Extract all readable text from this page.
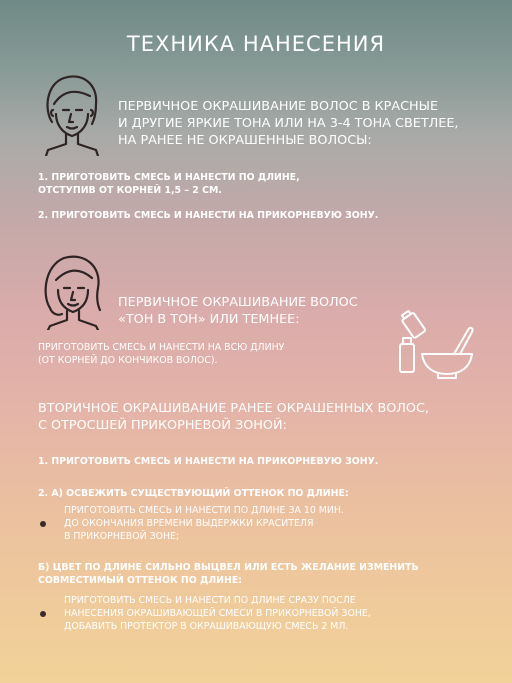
ТЕХНИКА НАНЕСЕНИЯ
ПЕРВИЧНОЕ ОКРАШИВАНИЕ ВОЛОС В КРАСНЫЕ
И ДРУГИЕ ЯРКИЕ ТОНА ИЛИ НА 3-4 ТОНА СВЕТЛЕЕ,
НА РАНЕЕ НЕ ОКРАШЕННЫЕ ВОЛОСЫ:
1. ПРИГОТОВИТЬ СМЕСЬ И НАНЕСТИ ПО ДЛИНЕ,
ОТСТУПИВ ОТ КОРНЕЙ 1,5 – 2 СМ.
2. ПРИГОТОВИТЬ СМЕСЬ И НАНЕСТИ НА ПРИКОРНЕВУЮ ЗОНУ.
ПЕРВИЧНОЕ ОКРАШИВАНИЕ ВОЛОС
«ТОН В ТОН» ИЛИ ТЕМНЕЕ:
ПРИГОТОВИТЬ СМЕСЬ И НАНЕСТИ НА ВСЮ ДЛИНУ
(ОТ КОРНЕЙ ДО КОНЧИКОВ ВОЛОС).
ВТОРИЧНОЕ ОКРАШИВАНИЕ РАНЕЕ ОКРАШЕННЫХ ВОЛОС,
С ОТРОСШЕЙ ПРИКОРНЕВОЙ ЗОНОЙ:
1. ПРИГОТОВИТЬ СМЕСЬ И НАНЕСТИ НА ПРИКОРНЕВУЮ ЗОНУ.
2. А) ОСВЕЖИТЬ СУЩЕСТВУЮЩИЙ ОТТЕНОК ПО ДЛИНЕ:
ПРИГОТОВИТЬ СМЕСЬ И НАНЕСТИ ПО ДЛИНЕ ЗА 10 МИН.
ДО ОКОНЧАНИЯ ВРЕМЕНИ ВЫДЕРЖКИ КРАСИТЕЛЯ
В ПРИКОРНЕВОЙ ЗОНЕ;
Б) ЦВЕТ ПО ДЛИНЕ СИЛЬНО ВЫЦВЕЛ ИЛИ ЕСТЬ ЖЕЛАНИЕ ИЗМЕНИТЬ
СОВМЕСТИМЫЙ ОТТЕНОК ПО ДЛИНЕ:
ПРИГОТОВИТЬ СМЕСЬ И НАНЕСТИ ПО ДЛИНЕ СРАЗУ ПОСЛЕ
НАНЕСЕНИЯ ОКРАШИВАЮЩЕЙ СМЕСИ В ПРИКОРНЕВОЙ ЗОНЕ,
ДОБАВИТЬ ПРОТЕКТОР В ОКРАШИВАЮЩУЮ СМЕСЬ 2 МЛ.
